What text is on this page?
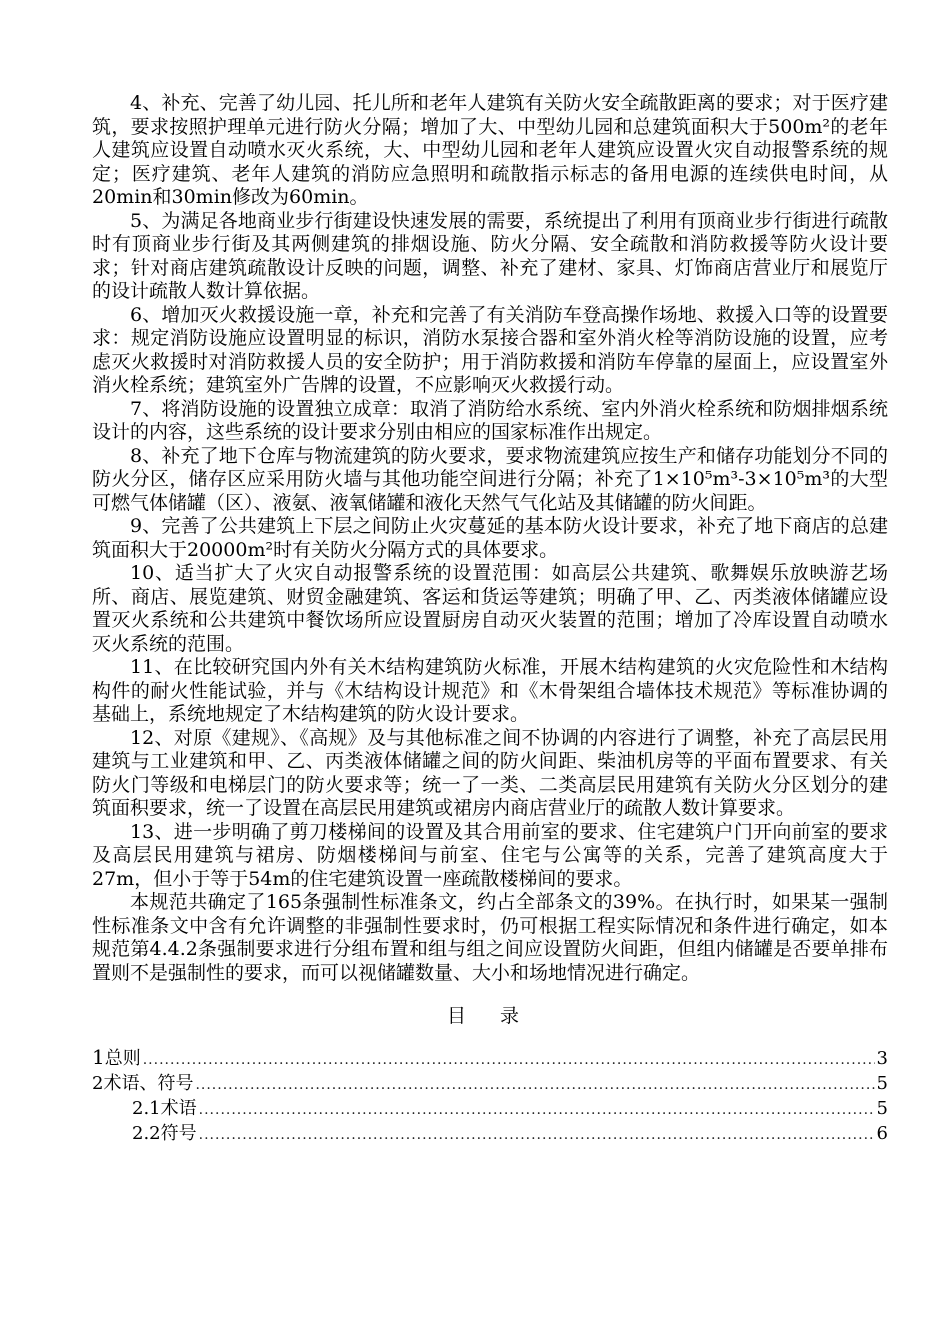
4、补充、完善了幼儿园、托儿所和老年人建筑有关防火安全疏散距离的要求；对于医疗建筑，要求按照护理单元进行防火分隔；增加了大、中型幼儿园和总建筑面积大于500m²的老年人建筑应设置自动喷水灭火系统，大、中型幼儿园和老年人建筑应设置火灾自动报警系统的规定；医疗建筑、老年人建筑的消防应急照明和疏散指示标志的备用电源的连续供电时间，从20min和30min修改为60min。

5、为满足各地商业步行街建设快速发展的需要，系统提出了利用有顶商业步行街进行疏散时有顶商业步行街及其两侧建筑的排烟设施、防火分隔、安全疏散和消防救援等防火设计要求；针对商店建筑疏散设计反映的问题，调整、补充了建材、家具、灯饰商店营业厅和展览厅的设计疏散人数计算依据。

6、增加灭火救援设施一章，补充和完善了有关消防车登高操作场地、救援入口等的设置要求：规定消防设施应设置明显的标识，消防水泵接合器和室外消火栓等消防设施的设置，应考虑灭火救援时对消防救援人员的安全防护；用于消防救援和消防车停靠的屋面上，应设置室外消火栓系统；建筑室外广告牌的设置，不应影响灭火救援行动。

7、将消防设施的设置独立成章：取消了消防给水系统、室内外消火栓系统和防烟排烟系统设计的内容，这些系统的设计要求分别由相应的国家标准作出规定。

8、补充了地下仓库与物流建筑的防火要求，要求物流建筑应按生产和储存功能划分不同的防火分区，储存区应采用防火墙与其他功能空间进行分隔；补充了1×10⁵m³-3×10⁵m³的大型可燃气体储罐（区）、液氨、液氧储罐和液化天然气气化站及其储罐的防火间距。

9、完善了公共建筑上下层之间防止火灾蔓延的基本防火设计要求，补充了地下商店的总建筑面积大于20000m²时有关防火分隔方式的具体要求。

10、适当扩大了火灾自动报警系统的设置范围：如高层公共建筑、歌舞娱乐放映游艺场所、商店、展览建筑、财贸金融建筑、客运和货运等建筑；明确了甲、乙、丙类液体储罐应设置灭火系统和公共建筑中餐饮场所应设置厨房自动灭火装置的范围；增加了冷库设置自动喷水灭火系统的范围。

11、在比较研究国内外有关木结构建筑防火标准，开展木结构建筑的火灾危险性和木结构构件的耐火性能试验，并与《木结构设计规范》和《木骨架组合墙体技术规范》等标准协调的基础上，系统地规定了木结构建筑的防火设计要求。

12、对原《建规》、《高规》及与其他标准之间不协调的内容进行了调整，补充了高层民用建筑与工业建筑和甲、乙、丙类液体储罐之间的防火间距、柴油机房等的平面布置要求、有关防火门等级和电梯层门的防火要求等；统一了一类、二类高层民用建筑有关防火分区划分的建筑面积要求，统一了设置在高层民用建筑或裙房内商店营业厅的疏散人数计算要求。

13、进一步明确了剪刀楼梯间的设置及其合用前室的要求、住宅建筑户门开向前室的要求及高层民用建筑与裙房、防烟楼梯间与前室、住宅与公寓等的关系，完善了建筑高度大于27m，但小于等于54m的住宅建筑设置一座疏散楼梯间的要求。

本规范共确定了165条强制性标准条文，约占全部条文的39%。在执行时，如果某一强制性标准条文中含有允许调整的非强制性要求时，仍可根据工程实际情况和条件进行确定，如本规范第4.4.2条强制要求进行分组布置和组与组之间应设置防火间距，但组内储罐是否要单排布置则不是强制性的要求，而可以视储罐数量、大小和场地情况进行确定。

目 录
1 总则 .....	3
2 术语、符号 .....	5
2.1 术语 .....	5
2.2 符号 .....	6
